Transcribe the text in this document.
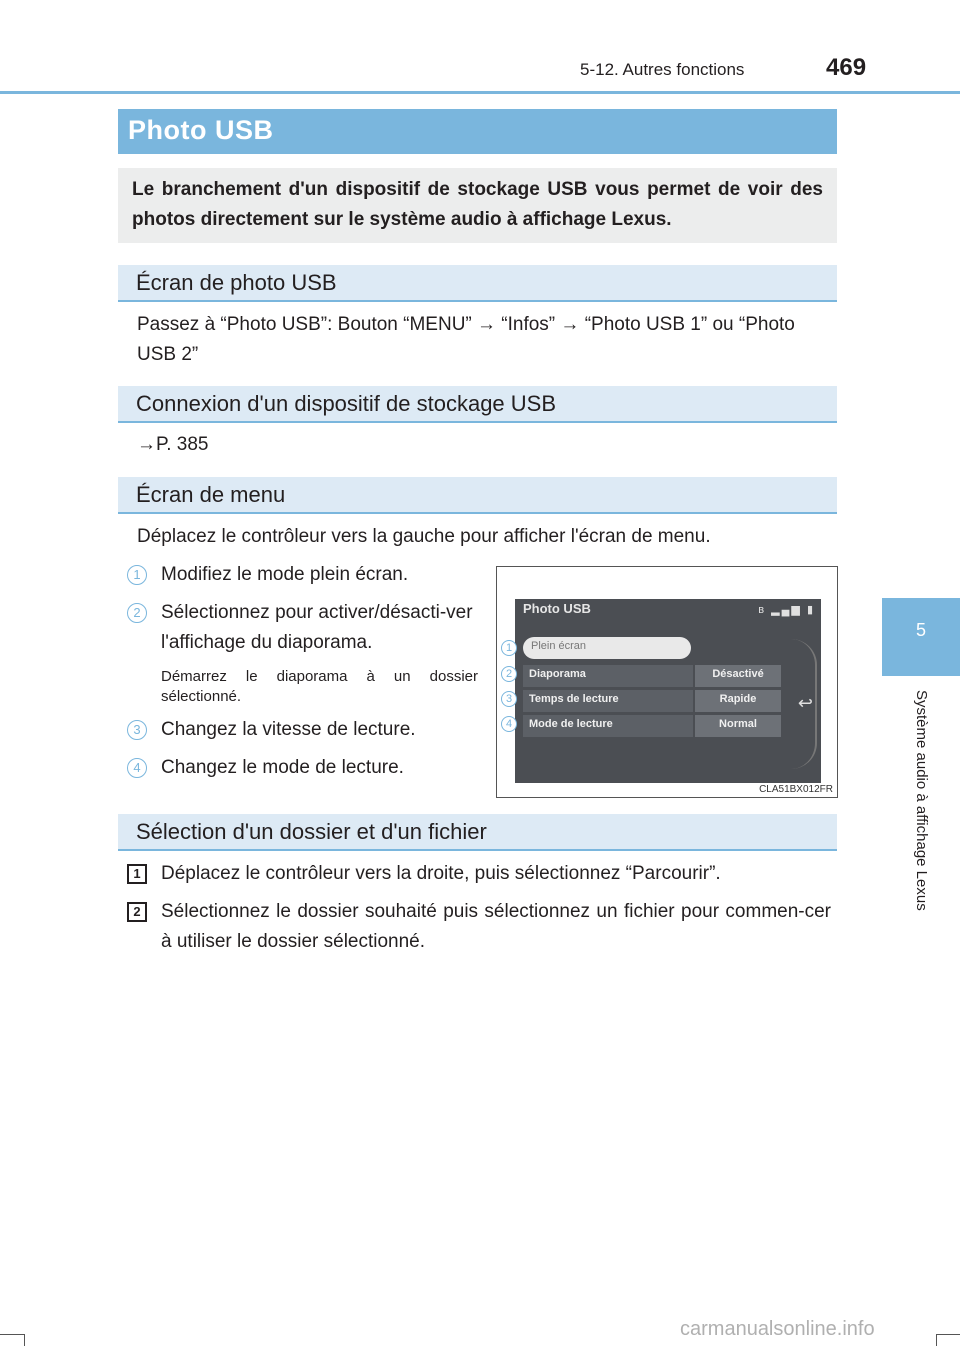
5-12. Autres fonctions	469
5
Système audio à affichage Lexus
Photo USB
Le branchement d'un dispositif de stockage USB vous permet de voir des photos directement sur le système audio à affichage Lexus.
Écran de photo USB
Passez à “Photo USB”: Bouton “MENU” → “Infos” → “Photo USB 1” ou “Photo USB 2”
Connexion d'un dispositif de stockage USB
→P. 385
Écran de menu
Déplacez le contrôleur vers la gauche pour afficher l'écran de menu.
1	Modifiez le mode plein écran.
2	Sélectionnez pour activer/désacti-ver l'affichage du diaporama.
Démarrez le diaporama à un dossier sélectionné.
3	Changez la vitesse de lecture.
4	Changez le mode de lecture.
Photo USB	ʙ ▂▄▆ ▮
Plein écran
Diaporama	Désactivé
Temps de lecture	Rapide
Mode de lecture	Normal
↩
1
2
3
4
CLA51BX012FR
Sélection d'un dossier et d'un fichier
1	Déplacez le contrôleur vers la droite, puis sélectionnez “Parcourir”.
2	Sélectionnez le dossier souhaité puis sélectionnez un fichier pour commen-cer à utiliser le dossier sélectionné.
carmanualsonline.info
